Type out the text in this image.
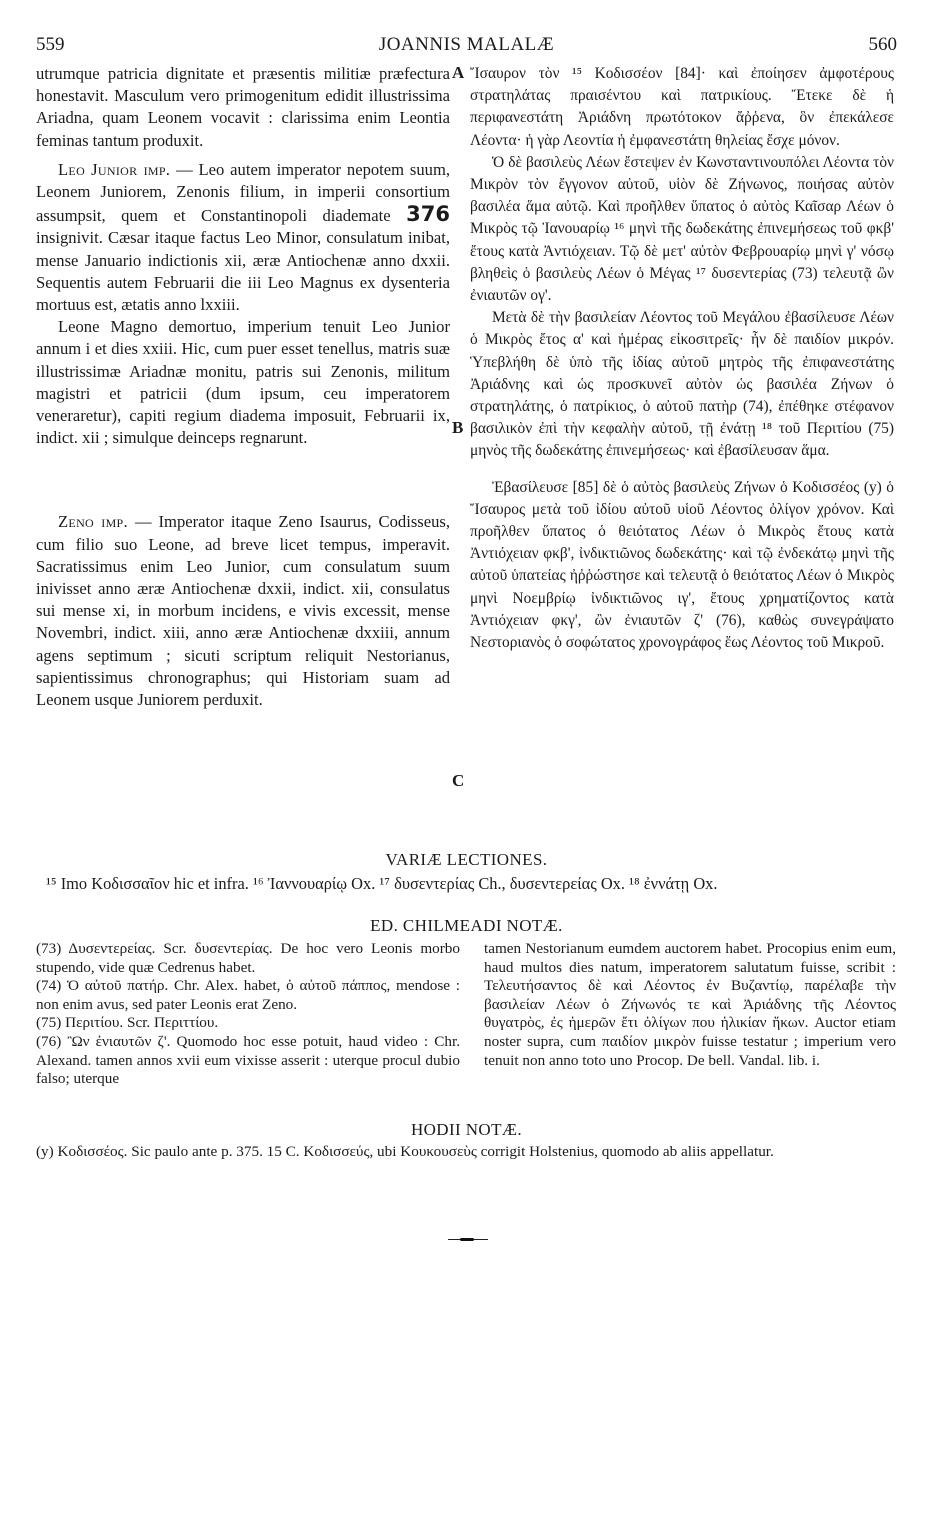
559	JOANNIS MALALÆ	560

utrumque patricia dignitate et præsentis militiæ præfectura honestavit. Masculum vero primogenitum edidit illustrissima Ariadna, quam Leonem vocavit : clarissima enim Leontia feminas tantum produxit.

Leo Junior imp. — Leo autem imperator nepotem suum, Leonem Juniorem, Zenonis filium, in imperii consortium assumpsit, quem et Constantinopoli diademate 376 insignivit. Cæsar itaque factus Leo Minor, consulatum inibat, mense Januario indictionis xii, æræ Antiochenæ anno dxxii. Sequentis autem Februarii die iii Leo Magnus ex dysenteria mortuus est, ætatis anno lxxiii.

Leone Magno demortuo, imperium tenuit Leo Junior annum i et dies xxiii. Hic, cum puer esset tenellus, matris suæ illustrissimæ Ariadnæ monitu, patris sui Zenonis, militum magistri et patricii (dum ipsum, ceu imperatorem veneraretur), capiti regium diadema imposuit, Februarii ix, indict. xii ; simulque deinceps regnarunt.

Zeno imp. — Imperator itaque Zeno Isaurus, Codisseus, cum filio suo Leone, ad breve licet tempus, imperavit. Sacratissimus enim Leo Junior, cum consulatum suum inivisset anno æræ Antiochenæ dxxii, indict. xii, consulatus sui mense xi, in morbum incidens, e vivis excessit, mense Novembri, indict. xiii, anno æræ Antiochenæ dxxiii, annum agens septimum ; sicuti scriptum reliquit Nestorianus, sapientissimus chronographus; qui Historiam suam ad Leonem usque Juniorem perduxit.

A
B
C

Ἴσαυρον τὸν ¹⁵ Κοδισσέον [84]· καὶ ἐποίησεν ἀμφοτέρους στρατηλάτας πραισέντου καὶ πατρικίους. Ἔτεκε δὲ ἡ περιφανεστάτη Ἀριάδνη πρωτότοκον ἄῤῥενα, ὃν ἐπεκάλεσε Λέοντα· ἡ γὰρ Λεοντία ἡ ἐμφανεστάτη θηλείας ἔσχε μόνον.

Ὁ δὲ βασιλεὺς Λέων ἔστεψεν ἐν Κωνσταντινουπόλει Λέοντα τὸν Μικρὸν τὸν ἔγγονον αὐτοῦ, υἱὸν δὲ Ζήνωνος, ποιήσας αὐτὸν βασιλέα ἅμα αὐτῷ. Καὶ προῆλθεν ὕπατος ὁ αὐτὸς Καῖσαρ Λέων ὁ Μικρὸς τῷ Ἰανουαρίῳ ¹⁶ μηνὶ τῆς δωδεκάτης ἐπινεμήσεως τοῦ φκβ' ἔτους κατὰ Ἀντιόχειαν. Τῷ δὲ μετ' αὐτὸν Φεβρουαρίῳ μηνὶ γ' νόσῳ βληθεὶς ὁ βασιλεὺς Λέων ὁ Μέγας ¹⁷ δυσεντερίας (73) τελευτᾷ ὢν ἐνιαυτῶν ογ'.

Μετὰ δὲ τὴν βασιλείαν Λέοντος τοῦ Μεγάλου ἐβασίλευσε Λέων ὁ Μικρὸς ἔτος α' καὶ ἡμέρας εἰκοσιτρεῖς· ἦν δὲ παιδίον μικρόν. Ὑπεβλήθη δὲ ὑπὸ τῆς ἰδίας αὐτοῦ μητρὸς τῆς ἐπιφανεστάτης Ἀριάδνης καὶ ὡς προσκυνεῖ αὐτὸν ὡς βασιλέα Ζήνων ὁ στρατηλάτης, ὁ πατρίκιος, ὁ αὐτοῦ πατὴρ (74), ἐπέθηκε στέφανον βασιλικὸν ἐπὶ τὴν κεφαλὴν αὐτοῦ, τῇ ἐνάτῃ ¹⁸ τοῦ Περιτίου (75) μηνὸς τῆς δωδεκάτης ἐπινεμήσεως· καὶ ἐβασίλευσαν ἅμα.

Ἐβασίλευσε [85] δὲ ὁ αὐτὸς βασιλεὺς Ζήνων ὁ Κοδισσέος (y) ὁ Ἴσαυρος μετὰ τοῦ ἰδίου αὐτοῦ υἱοῦ Λέοντος ὀλίγον χρόνον. Καὶ προῆλθεν ὕπατος ὁ θειότατος Λέων ὁ Μικρὸς ἔτους κατὰ Ἀντιόχειαν φκβ', ἰνδικτιῶνος δωδεκάτης· καὶ τῷ ἐνδεκάτῳ μηνὶ τῆς αὐτοῦ ὑπατείας ἠῤῥώστησε καὶ τελευτᾷ ὁ θειότατος Λέων ὁ Μικρὸς μηνὶ Νοεμβρίῳ ἰνδικτιῶνος ιγ', ἔτους χρηματίζοντος κατὰ Ἀντιόχειαν φκγ', ὢν ἐνιαυτῶν ζ' (76), καθὼς συνεγράψατο Νεστοριανὸς ὁ σοφώτατος χρονογράφος ἕως Λέοντος τοῦ Μικροῦ.

VARIÆ LECTIONES.
¹⁵ Imo Κοδισσαῖον hic et infra. ¹⁶ Ἰαννουαρίῳ Ox. ¹⁷ δυσεντερίας Ch., δυσεντερείας Ox. ¹⁸ ἐννάτῃ Ox.
ED. CHILMEADI NOTÆ.

(73) Δυσεντερείας. Scr. δυσεντερίας. De hoc vero Leonis morbo stupendo, vide quæ Cedrenus habet.

(74) Ὁ αὐτοῦ πατήρ. Chr. Alex. habet, ὁ αὐτοῦ πάππος, mendose : non enim avus, sed pater Leonis erat Zeno.

(75) Περιτίου. Scr. Περιττίου.

(76) Ὢν ἐνιαυτῶν ζ'. Quomodo hoc esse potuit, haud video : Chr. Alexand. tamen annos xvii eum vixisse asserit : uterque procul dubio falso; uterque

tamen Nestorianum eumdem auctorem habet. Procopius enim eum, haud multos dies natum, imperatorem salutatum fuisse, scribit : Τελευτήσαντος δὲ καὶ Λέοντος ἐν Βυζαντίῳ, παρέλαβε τὴν βασιλείαν Λέων ὁ Ζήνωνός τε καὶ Ἀριάδνης τῆς Λέοντος θυγατρὸς, ἐς ἡμερῶν ἔτι ὀλίγων που ἡλικίαν ἥκων. Auctor etiam noster supra, cum παιδίον μικρὸν fuisse testatur ; imperium vero tenuit non anno toto uno Procop. De bell. Vandal. lib. i.

HODII NOTÆ.

(y) Κοδισσέος. Sic paulo ante p. 375. 15 C. Κοδισσεύς, ubi Κουκουσεὺς corrigit Holstenius, quomodo ab aliis appellatur.
